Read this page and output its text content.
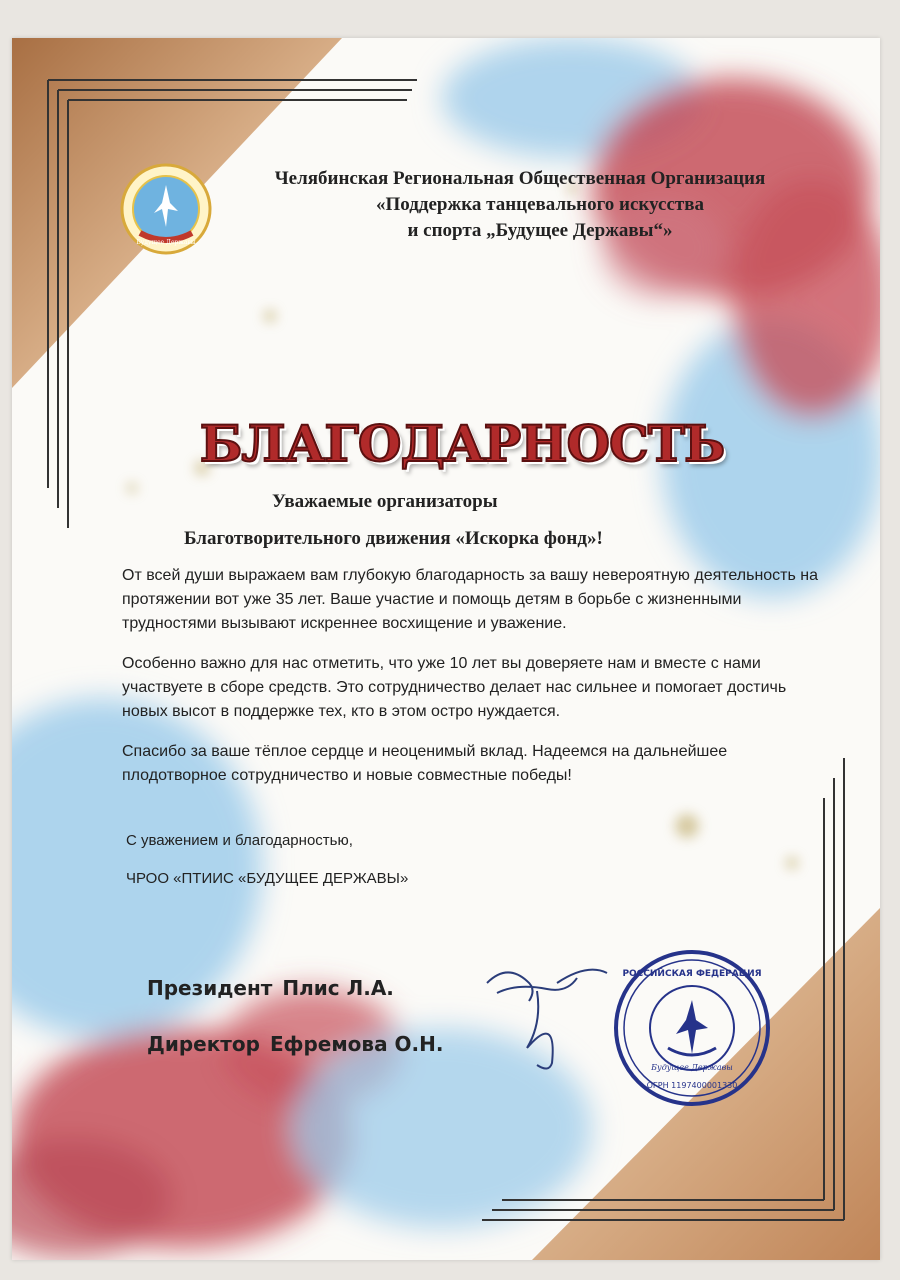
Будущее Державы
Челябинская Региональная Общественная Организация
«Поддержка танцевального искусства
и спорта „Будущее Державы“»
БЛАГОДАРНОСТЬ
Уважаемые организаторы
Благотворительного движения «Искорка фонд»!

От всей души выражаем вам глубокую благодарность за вашу невероятную деятельность на протяжении вот уже 35 лет. Ваше участие и помощь детям в борьбе с жизненными трудностями вызывают искреннее восхищение и уважение.

Особенно важно для нас отметить, что уже 10 лет вы доверяете нам и вместе с нами участвуете в сборе средств. Это сотрудничество делает нас сильнее и помогает достичь новых высот в поддержке тех, кто в этом остро нуждается.

Спасибо за ваше тёплое сердце и неоценимый вклад. Надеемся на дальнейшее плодотворное сотрудничество и новые совместные победы!

С уважением и благодарностью,
ЧРОО «ПТИИС «БУДУЩЕЕ ДЕРЖАВЫ»
Президент Плис Л.А.
Директор Ефремова О.Н.
РОССИЙСКАЯ ФЕДЕРАЦИЯ
ОГРН 1197400001330
Будущее Державы
